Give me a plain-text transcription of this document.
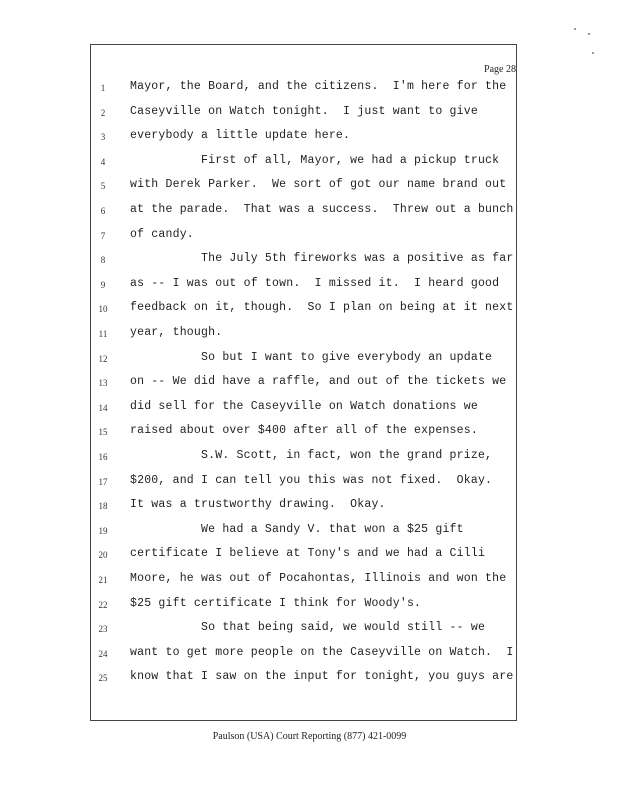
Page 28
1	Mayor, the Board, and the citizens.  I'm here for the
2	Caseyville on Watch tonight.  I just want to give
3	everybody a little update here.
4	First of all, Mayor, we had a pickup truck
5	with Derek Parker.  We sort of got our name brand out
6	at the parade.  That was a success.  Threw out a bunch
7	of candy.
8	The July 5th fireworks was a positive as far
9	as -- I was out of town.  I missed it.  I heard good
10	feedback on it, though.  So I plan on being at it next
11	year, though.
12	So but I want to give everybody an update
13	on -- We did have a raffle, and out of the tickets we
14	did sell for the Caseyville on Watch donations we
15	raised about over $400 after all of the expenses.
16	S.W. Scott, in fact, won the grand prize,
17	$200, and I can tell you this was not fixed.  Okay.
18	It was a trustworthy drawing.  Okay.
19	We had a Sandy V. that won a $25 gift
20	certificate I believe at Tony's and we had a Cilli
21	Moore, he was out of Pocahontas, Illinois and won the
22	$25 gift certificate I think for Woody's.
23	So that being said, we would still -- we
24	want to get more people on the Caseyville on Watch.  I
25	know that I saw on the input for tonight, you guys are
Paulson (USA) Court Reporting (877) 421-0099
